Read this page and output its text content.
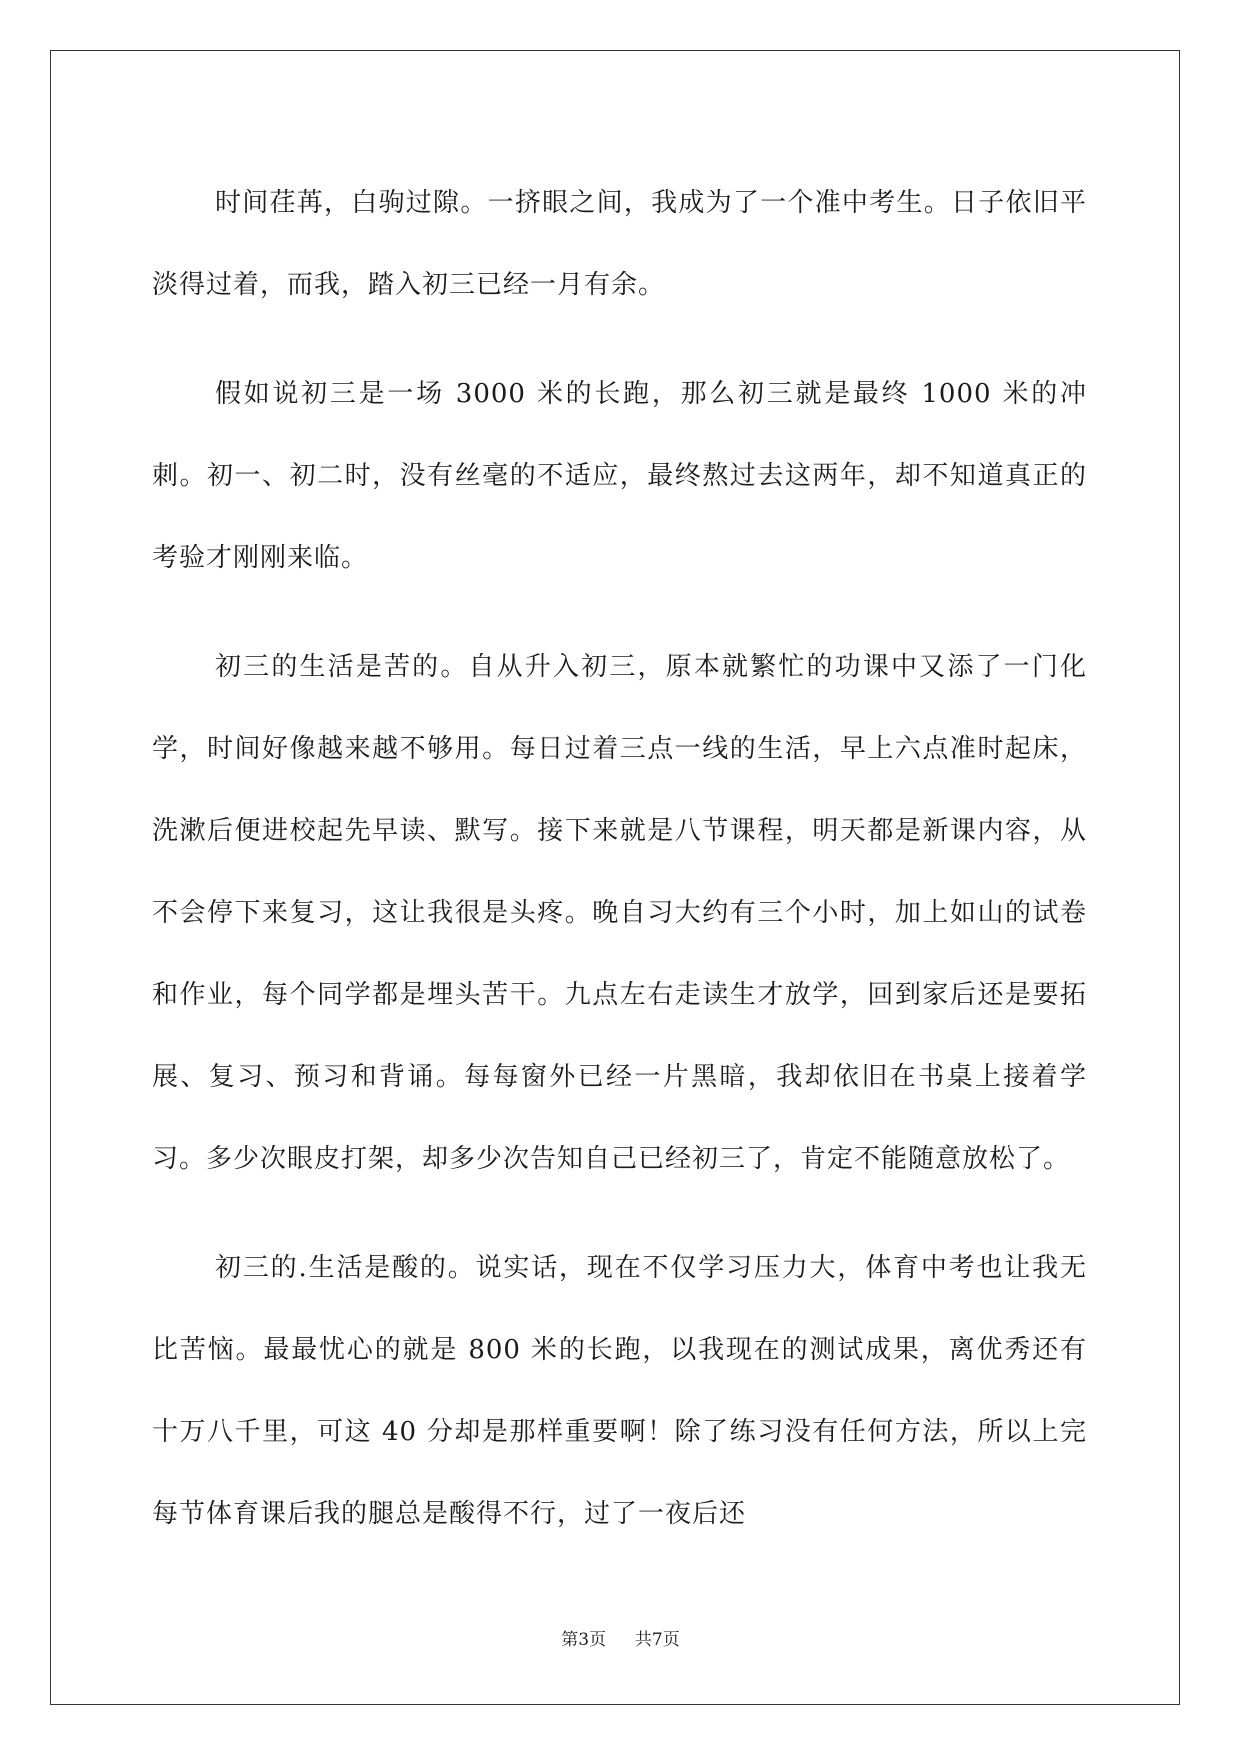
时间荏苒，白驹过隙。一挤眼之间，我成为了一个准中考生。日子依旧平淡得过着，而我，踏入初三已经一月有余。

假如说初三是一场 3000 米的长跑，那么初三就是最终 1000 米的冲刺。初一、初二时，没有丝毫的不适应，最终熬过去这两年，却不知道真正的考验才刚刚来临。

初三的生活是苦的。自从升入初三，原本就繁忙的功课中又添了一门化学，时间好像越来越不够用。每日过着三点一线的生活，早上六点准时起床，洗漱后便进校起先早读、默写。接下来就是八节课程，明天都是新课内容，从不会停下来复习，这让我很是头疼。晚自习大约有三个小时，加上如山的试卷和作业，每个同学都是埋头苦干。九点左右走读生才放学，回到家后还是要拓展、复习、预习和背诵。每每窗外已经一片黑暗，我却依旧在书桌上接着学习。多少次眼皮打架，却多少次告知自己已经初三了，肯定不能随意放松了。

初三的.生活是酸的。说实话，现在不仅学习压力大，体育中考也让我无比苦恼。最最忧心的就是 800 米的长跑，以我现在的测试成果，离优秀还有十万八千里，可这 40 分却是那样重要啊！除了练习没有任何方法，所以上完每节体育课后我的腿总是酸得不行，过了一夜后还

第3页 共7页
